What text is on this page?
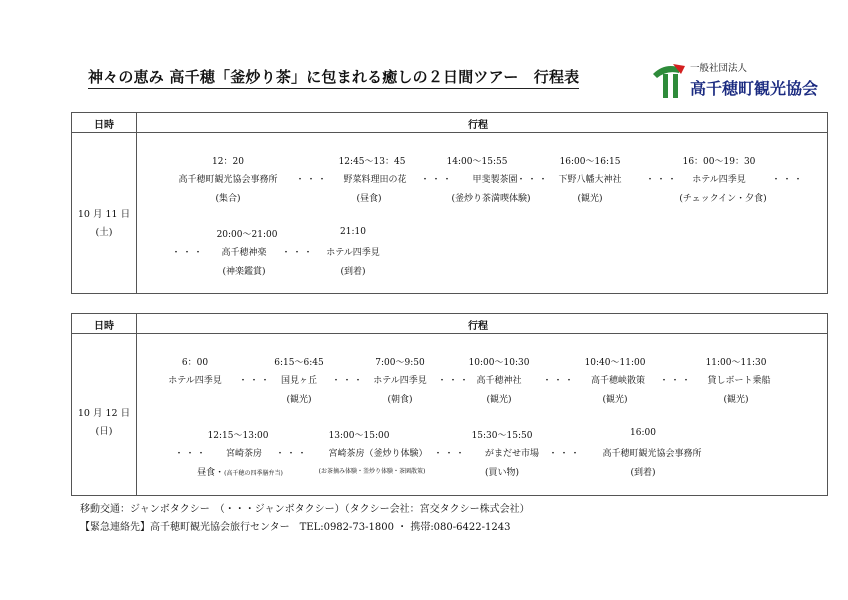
神々の恵み 高千穂「釜炒り茶」に包まれる癒しの２日間ツアー　行程表	一般社団法人
高千穂町観光協会
日時	行程
10 月 11 日
(土)
12：20	12:45～13：45	14:00～15:55	16:00～16:15	16：00～19：30
高千穂町観光協会事務所 ・・・ 野菜料理田の花 ・・・ 甲斐製茶園
・・・ 下野八幡大神社	・・・ ホテル四季見	・・・
(集合)	(昼食)	(釜炒り茶満喫体験)	(観光)	(チェックイン・夕食)
20:00～21:00	21:10
・・・ 高千穂神楽 ・・・ ホテル四季見
(神楽鑑賞)	(到着)
日時	行程
10 月 12 日
(日)
6：00	6:15～6:45	7:00～9:50	10:00～10:30	10:40～11:00	11:00～11:30
ホテル四季見 ・・・ 国見ヶ丘 ・・・ ホテル四季見 ・・・ 高千穂神社 ・・・ 高千穂峡散策 ・・・ 貸しボート乗船
(観光)	(朝食)	(観光)	(観光)	(観光)
12:15～13:00	13:00～15:00	15:30～15:50	16:00
・・・ 宮崎茶房 ・・・ 宮崎茶房（釜炒り体験） ・・・ がまだせ市場 ・・・ 高千穂町観光協会事務所
昼食・(高千穂の四季膳弁当)	(お茶摘み体験・釜炒り体験・茶園散策)	(買い物)	(到着)
移動交通：ジャンボタクシー　（・・・ジャンボタクシー）（タクシー会社：宮交タクシー株式会社）
【緊急連絡先】高千穂町観光協会旅行センター　TEL:0982-73-1800 ・ 携帯:080-6422-1243
